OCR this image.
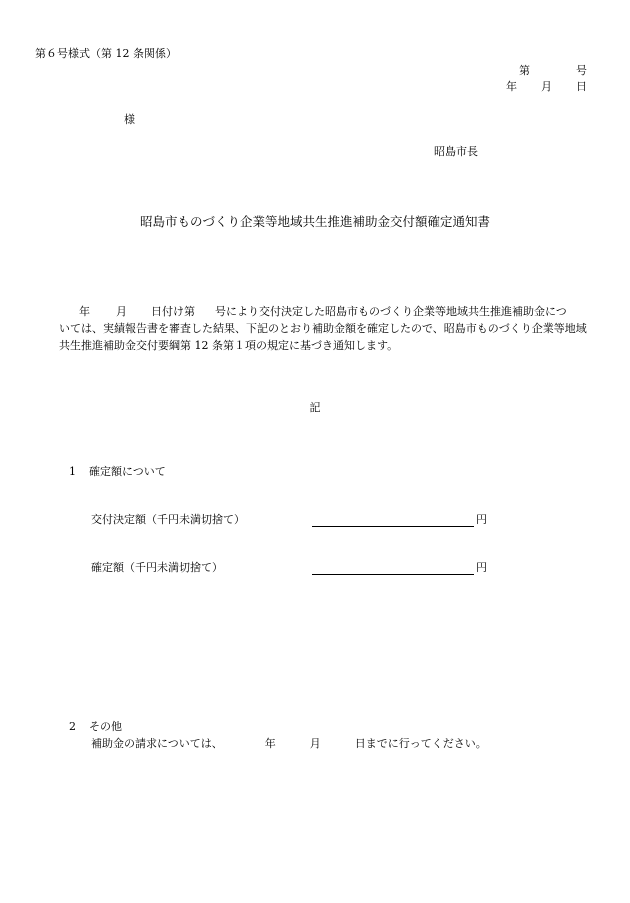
第６号様式（第 12 条関係）
第	号
年 月 日
様
昭島市長
昭島市ものづくり企業等地域共生推進補助金交付額確定通知書
年 月 日付け第 号により交付決定した昭島市ものづくり企業等地域共生推進補助金につ
いては、実績報告書を審査した結果、下記のとおり補助金額を確定したので、昭島市ものづくり企業等地域
共生推進補助金交付要綱第 12 条第１項の規定に基づき通知します。
記
1 確定額について
交付決定額（千円未満切捨て）	円
確定額（千円未満切捨て）	円
2 その他
補助金の請求については、	年	月	日までに行ってください。
